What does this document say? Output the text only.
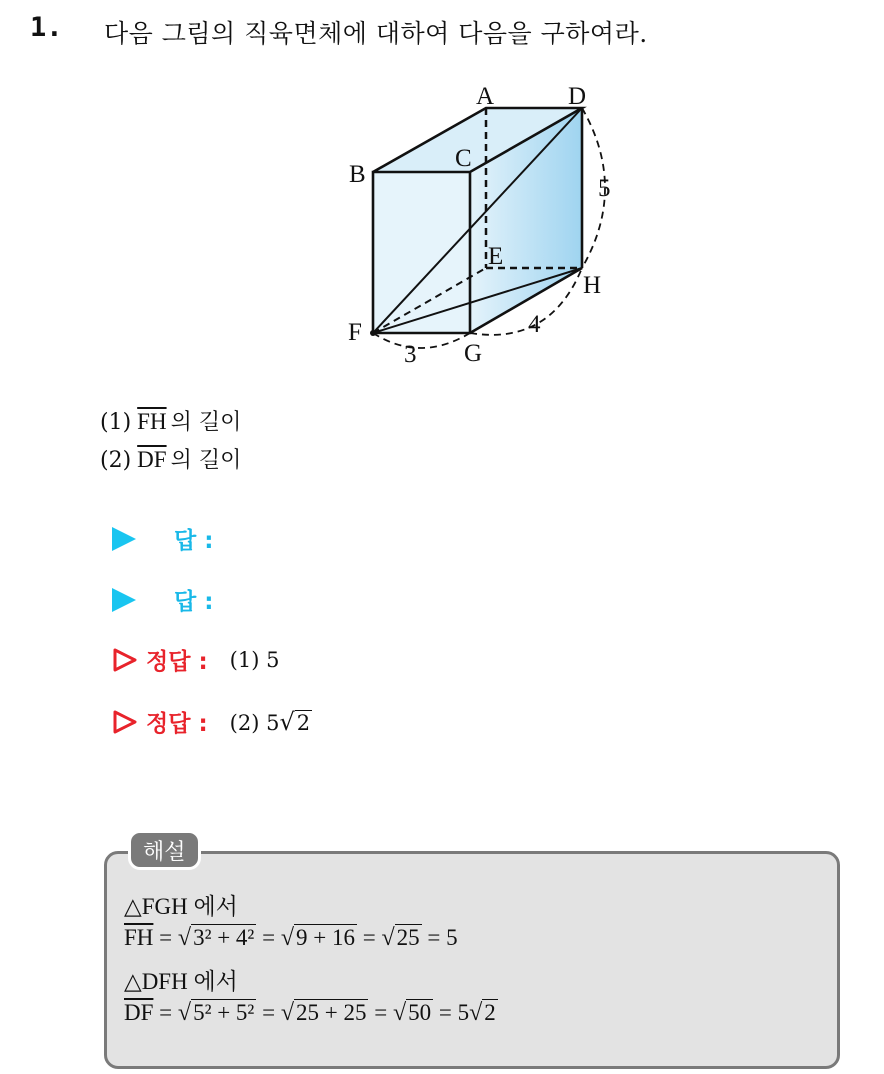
1. 다음 그림의 직육면체에 대하여 다음을 구하여라.
A	D
B
C
E
H
F
G
5
4
3
(1) $\overline{FH}$ 의 길이
(2) $\overline{DF}$ 의 길이
답 :
답 :
정답 : (1) 5
정답 : (2) 5√2
해설
△FGH 에서
$\overline{FH} = √3^2 + 4^2 = √9 + 16 = √25 = 5$
△DFH 에서
$\overline{DF} = √5^2 + 5^2 = √25 + 25 = √50 = 5√2$
